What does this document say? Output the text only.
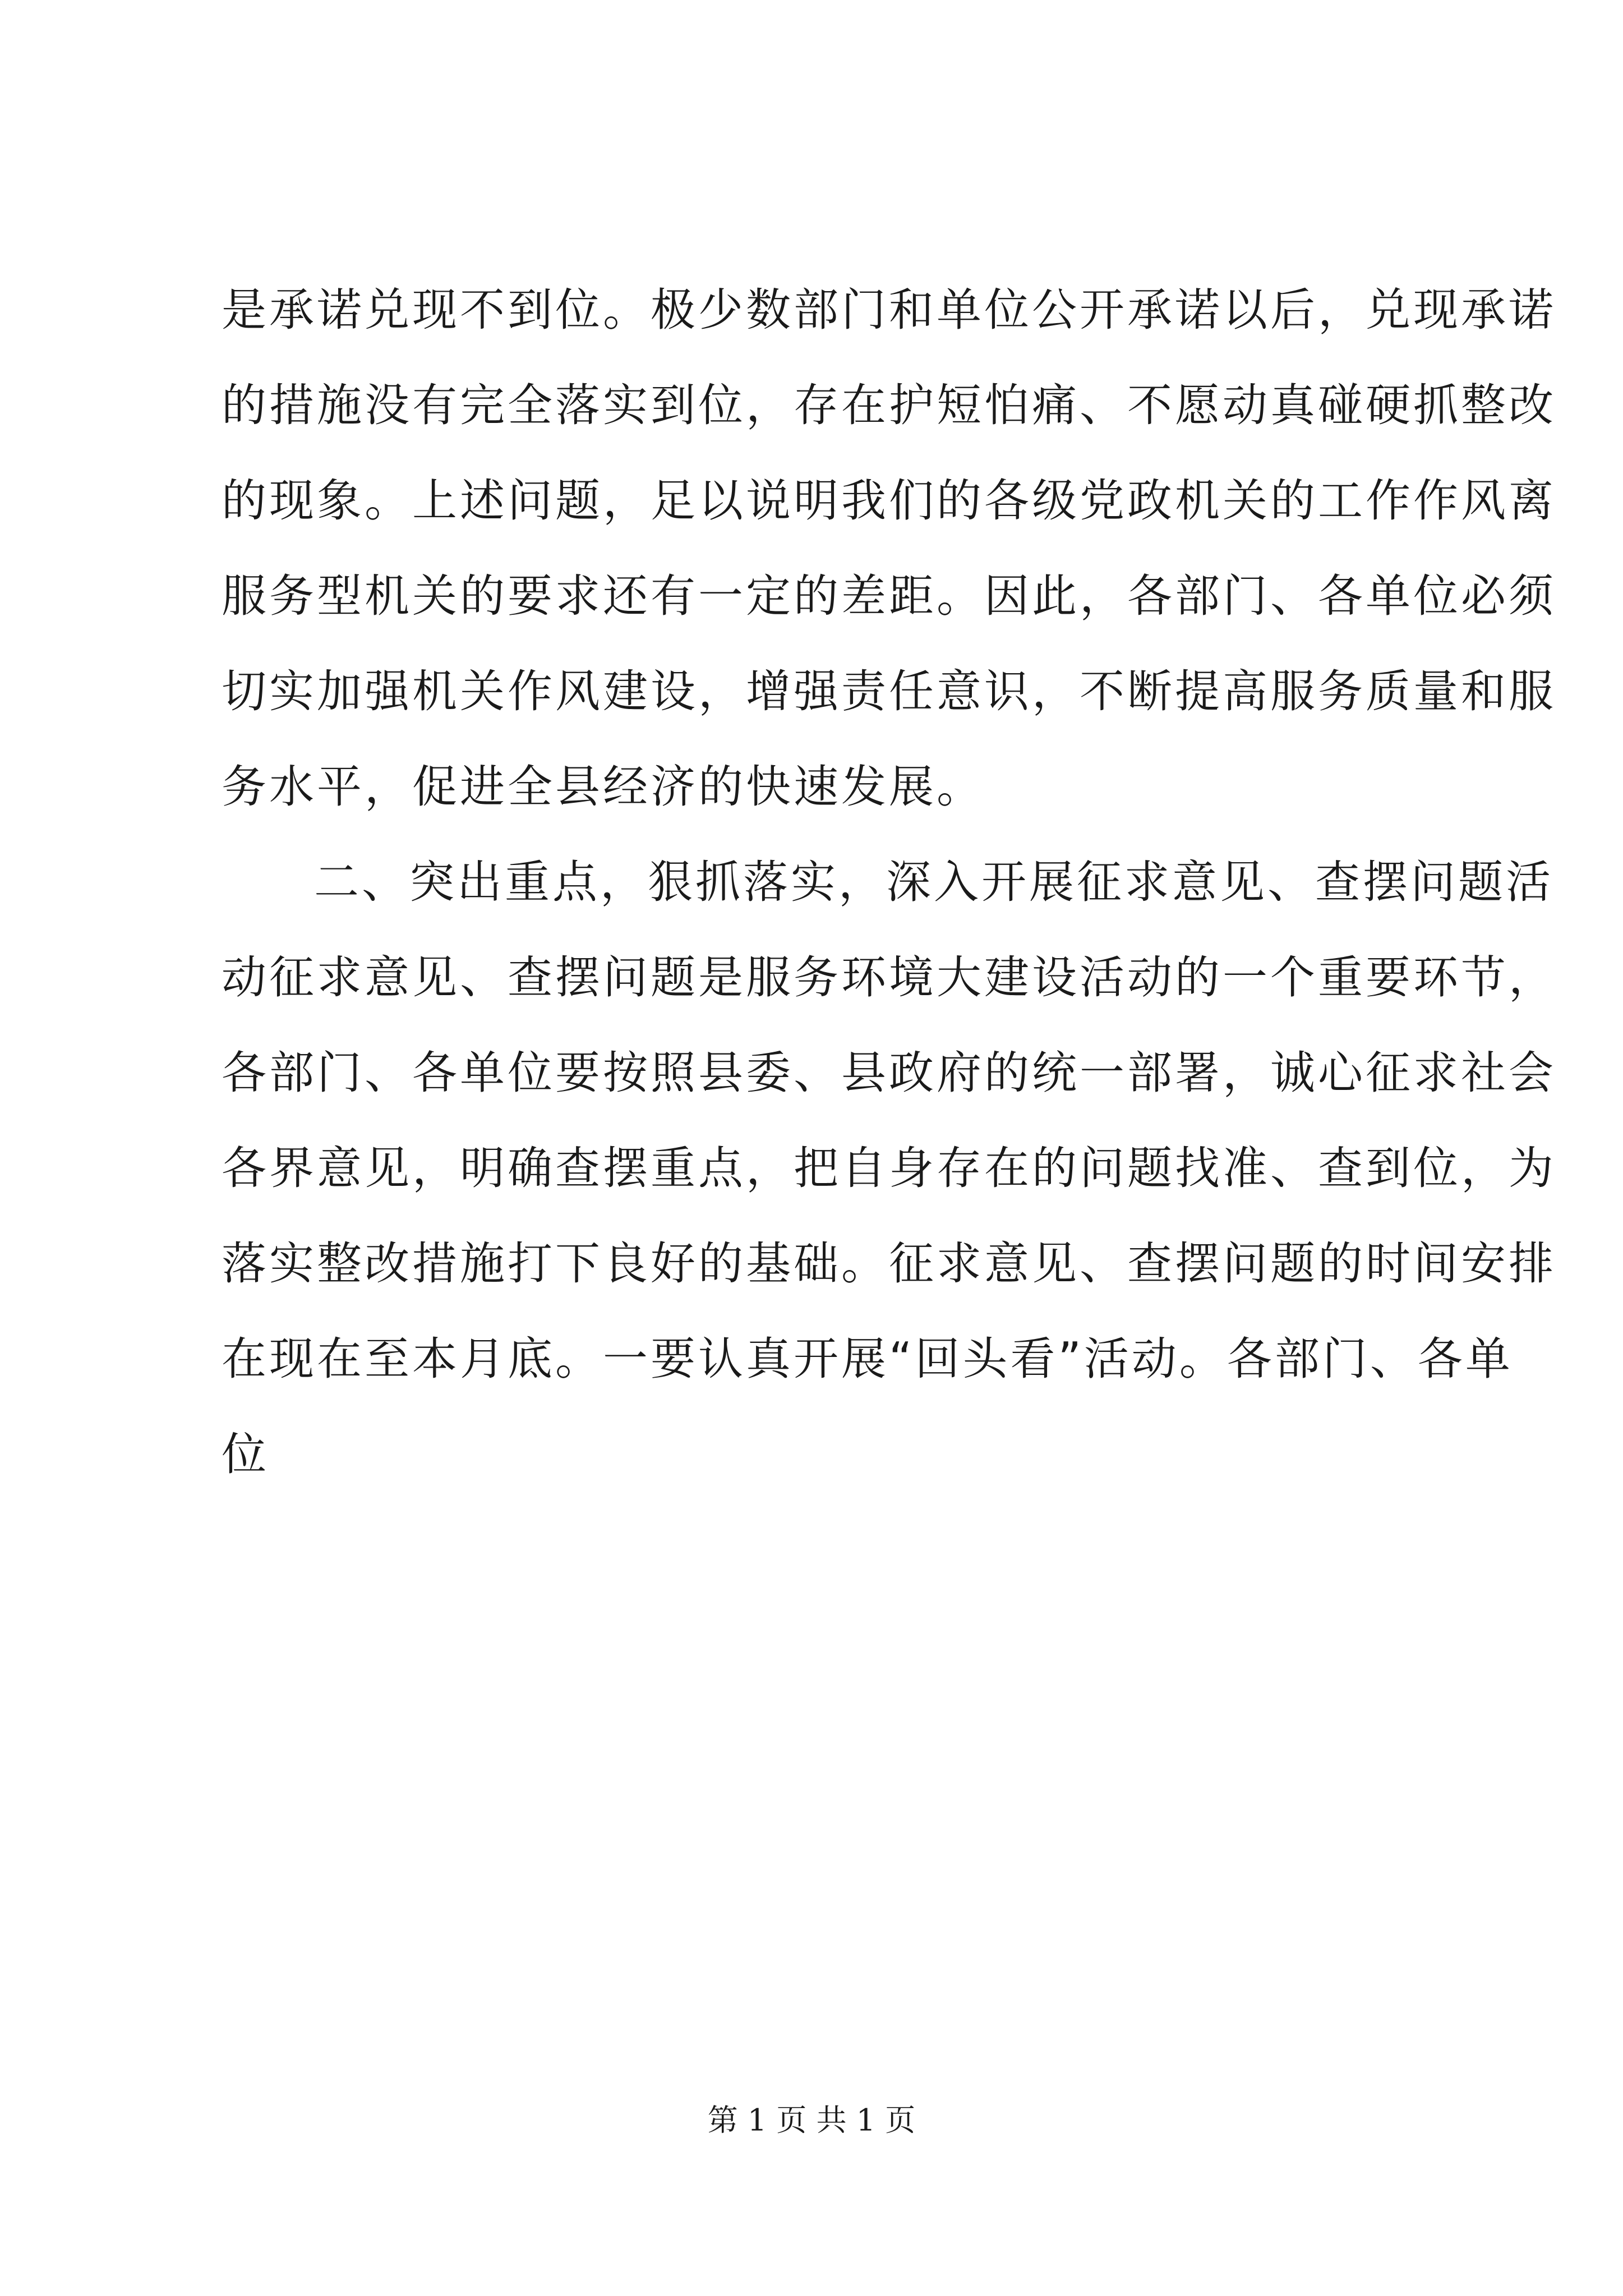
是承诺兑现不到位。极少数部门和单位公开承诺以后，兑现承诺
的措施没有完全落实到位，存在护短怕痛、不愿动真碰硬抓整改
的现象。上述问题，足以说明我们的各级党政机关的工作作风离
服务型机关的要求还有一定的差距。因此，各部门、各单位必须
切实加强机关作风建设，增强责任意识，不断提高服务质量和服
务水平，促进全县经济的快速发展。
二、突出重点，狠抓落实，深入开展征求意见、查摆问题活
动征求意见、查摆问题是服务环境大建设活动的一个重要环节，
各部门、各单位要按照县委、县政府的统一部署，诚心征求社会
各界意见，明确查摆重点，把自身存在的问题找准、查到位，为
落实整改措施打下良好的基础。征求意见、查摆问题的时间安排
在现在至本月底。一要认真开展“回头看”活动。各部门、各单
位
第 1 页 共 1 页
